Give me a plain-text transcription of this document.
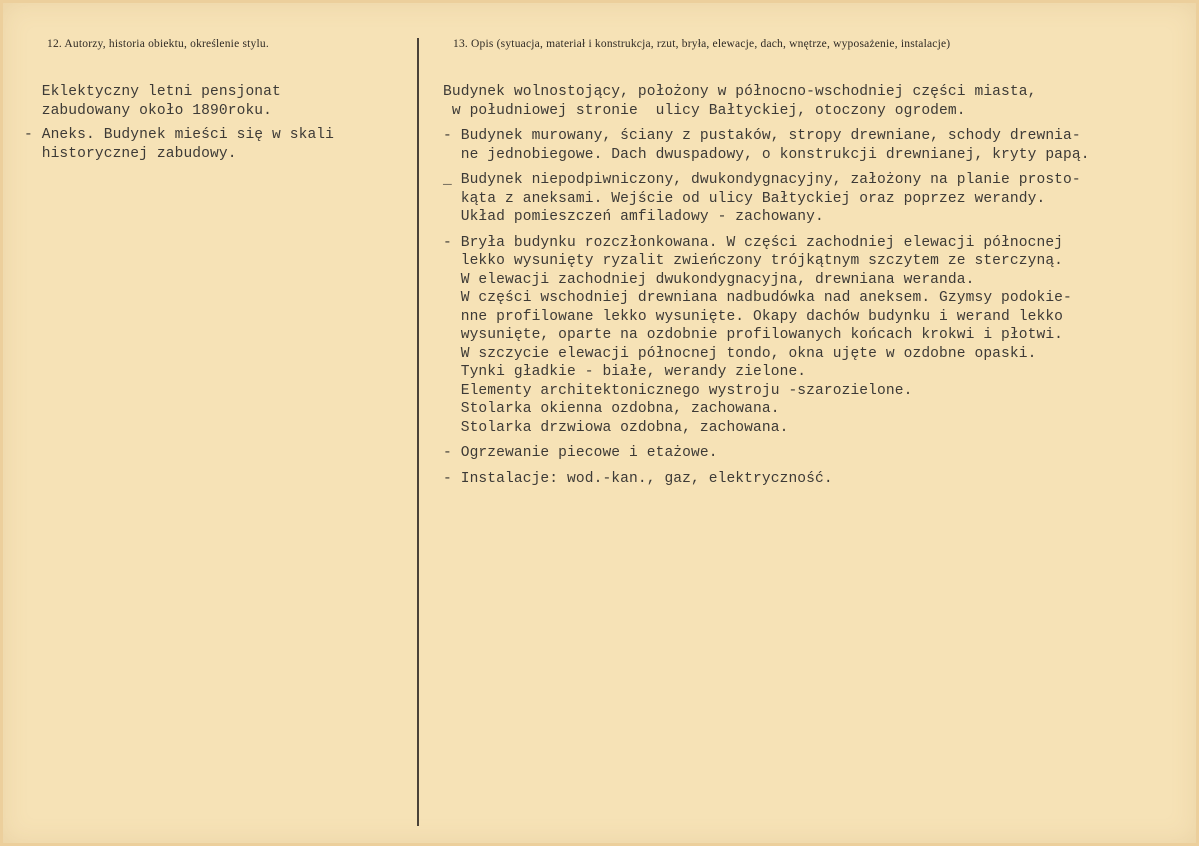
12. Autorzy, historia obiektu, określenie stylu.	13. Opis (sytuacja, materiał i konstrukcja, rzut, bryła, elewacje, dach, wnętrze, wyposażenie, instalacje)
Eklektyczny letni pensjonat
zabudowany około 1890roku.
- Aneks. Budynek mieści się w skali
historycznej zabudowy.
Budynek wolnostojący, położony w północno-wschodniej części miasta,
w południowej stronie  ulicy Bałtyckiej, otoczony ogrodem.
- Budynek murowany, ściany z pustaków, stropy drewniane, schody drewnia-
ne jednobiegowe. Dach dwuspadowy, o konstrukcji drewnianej, kryty papą.
_ Budynek niepodpiwniczony, dwukondygnacyjny, założony na planie prosto-
kąta z aneksami. Wejście od ulicy Bałtyckiej oraz poprzez werandy.
Układ pomieszczeń amfiladowy - zachowany.
- Bryła budynku rozczłonkowana. W części zachodniej elewacji północnej
lekko wysunięty ryzalit zwieńczony trójkątnym szczytem ze sterczyną.
W elewacji zachodniej dwukondygnacyjna, drewniana weranda.
W części wschodniej drewniana nadbudówka nad aneksem. Gzymsy podokie-
nne profilowane lekko wysunięte. Okapy dachów budynku i werand lekko
wysunięte, oparte na ozdobnie profilowanych końcach krokwi i płotwi.
W szczycie elewacji północnej tondo, okna ujęte w ozdobne opaski.
Tynki gładkie - białe, werandy zielone.
Elementy architektonicznego wystroju -szarozielone.
Stolarka okienna ozdobna, zachowana.
Stolarka drzwiowa ozdobna, zachowana.
- Ogrzewanie piecowe i etażowe.
- Instalacje: wod.-kan., gaz, elektryczność.
